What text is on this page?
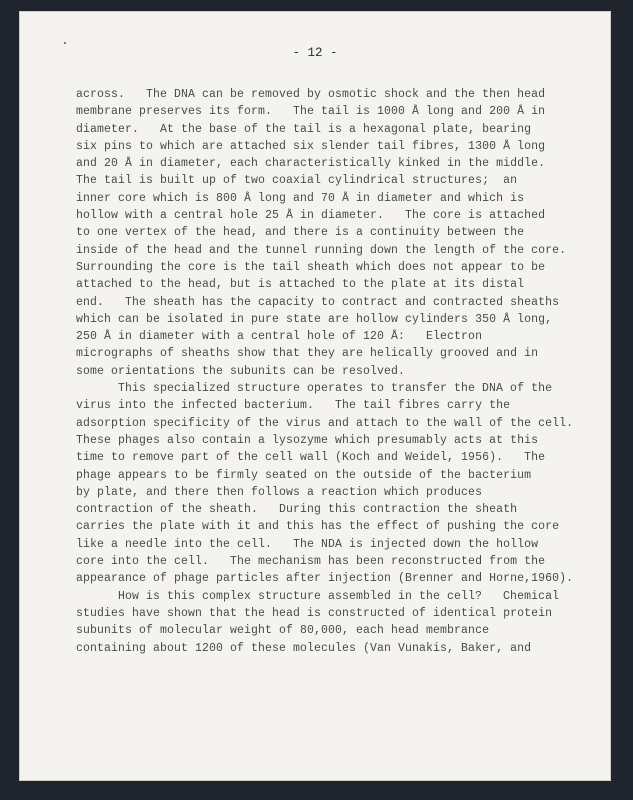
- 12 -

across.   The DNA can be removed by osmotic shock and the then head
membrane preserves its form.   The tail is 1000 Å long and 200 Å in
diameter.   At the base of the tail is a hexagonal plate, bearing
six pins to which are attached six slender tail fibres, 1300 Å long
and 20 Å in diameter, each characteristically kinked in the middle.
The tail is built up of two coaxial cylindrical structures;  an
inner core which is 800 Å long and 70 Å in diameter and which is
hollow with a central hole 25 Å in diameter.   The core is attached
to one vertex of the head, and there is a continuity between the
inside of the head and the tunnel running down the length of the core.
Surrounding the core is the tail sheath which does not appear to be
attached to the head, but is attached to the plate at its distal
end.   The sheath has the capacity to contract and contracted sheaths
which can be isolated in pure state are hollow cylinders 350 Å long,
250 Å in diameter with a central hole of 120 Å:   Electron
micrographs of sheaths show that they are helically grooved and in
some orientations the subunits can be resolved.
This specialized structure operates to transfer the DNA of the
virus into the infected bacterium.   The tail fibres carry the
adsorption specificity of the virus and attach to the wall of the cell.
These phages also contain a lysozyme which presumably acts at this
time to remove part of the cell wall (Koch and Weidel, 1956).   The
phage appears to be firmly seated on the outside of the bacterium
by plate, and there then follows a reaction which produces
contraction of the sheath.   During this contraction the sheath
carries the plate with it and this has the effect of pushing the core
like a needle into the cell.   The NDA is injected down the hollow
core into the cell.   The mechanism has been reconstructed from the
appearance of phage particles after injection (Brenner and Horne,1960).
How is this complex structure assembled in the cell?   Chemical
studies have shown that the head is constructed of identical protein
subunits of molecular weight of 80,000, each head membrance
containing about 1200 of these molecules (Van Vunakis, Baker, and
